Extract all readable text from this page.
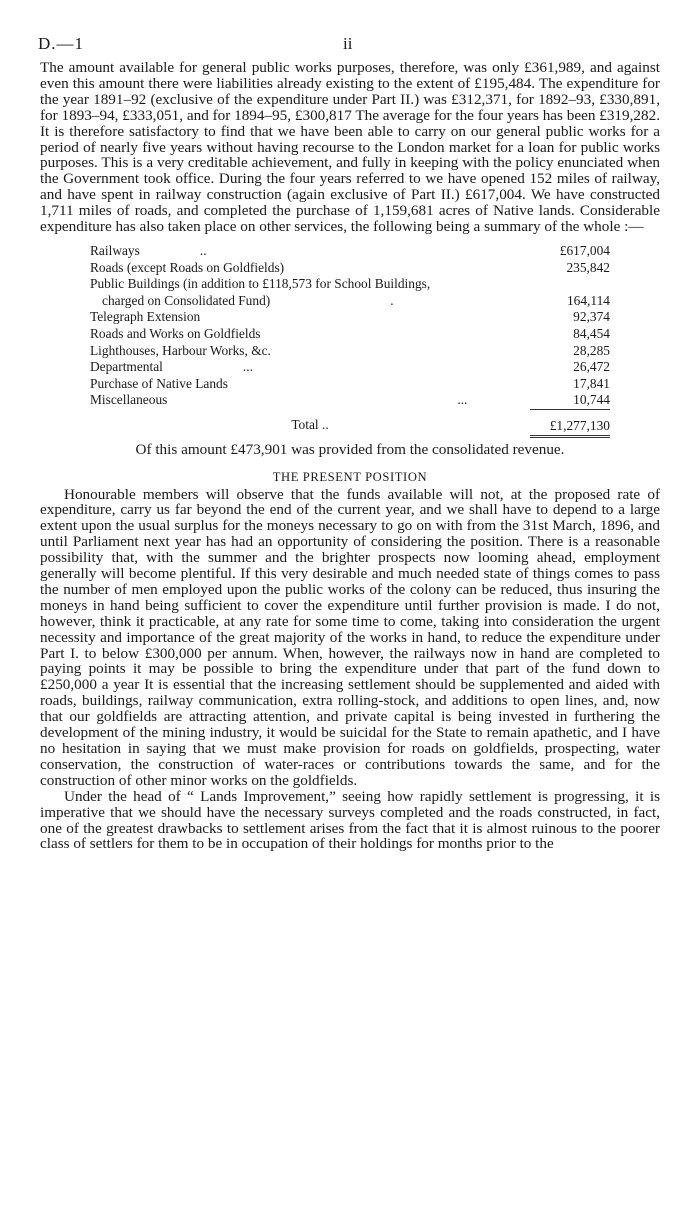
D.—1	ii

The amount available for general public works purposes, therefore, was only £361,989, and against even this amount there were liabilities already existing to the extent of £195,484. The expenditure for the year 1891–92 (exclusive of the expenditure under Part II.) was £312,371, for 1892–93, £330,891, for 1893–94, £333,051, and for 1894–95, £300,817 The average for the four years has been £319,282. It is therefore satisfactory to find that we have been able to carry on our general public works for a period of nearly five years without having recourse to the London market for a loan for public works purposes. This is a very creditable achievement, and fully in keeping with the policy enunciated when the Government took office. During the four years referred to we have opened 152 miles of railway, and have spent in railway construction (again exclusive of Part II.) £617,004. We have constructed 1,711 miles of roads, and completed the purchase of 1,159,681 acres of Native lands. Considerable expenditure has also taken place on other services, the following being a summary of the whole :—

Railways ..	£617,004
Roads (except Roads on Goldfields)	235,842
Public Buildings (in addition to £118,573 for School Buildings,	
charged on Consolidated Fund) .	164,114
Telegraph Extension	92,374
Roads and Works on Goldfields	84,454
Lighthouses, Harbour Works, &c.	28,285
Departmental ...	26,472
Purchase of Native Lands	17,841
Miscellaneous ...	10,744
Total ..	£1,277,130

Of this amount £473,901 was provided from the consolidated revenue.

THE PRESENT POSITION

Honourable members will observe that the funds available will not, at the proposed rate of expenditure, carry us far beyond the end of the current year, and we shall have to depend to a large extent upon the usual surplus for the moneys necessary to go on with from the 31st March, 1896, and until Parliament next year has had an opportunity of considering the position. There is a reasonable possibility that, with the summer and the brighter prospects now looming ahead, employment generally will become plentiful. If this very desirable and much needed state of things comes to pass the number of men employed upon the public works of the colony can be reduced, thus insuring the moneys in hand being sufficient to cover the expenditure until further provision is made. I do not, however, think it practicable, at any rate for some time to come, taking into consideration the urgent necessity and importance of the great majority of the works in hand, to reduce the expenditure under Part I. to below £300,000 per annum. When, however, the railways now in hand are completed to paying points it may be possible to bring the expenditure under that part of the fund down to £250,000 a year It is essential that the increasing settlement should be supplemented and aided with roads, buildings, railway communication, extra rolling-stock, and additions to open lines, and, now that our goldfields are attracting attention, and private capital is being invested in furthering the development of the mining industry, it would be suicidal for the State to remain apathetic, and I have no hesitation in saying that we must make provision for roads on goldfields, prospecting, water conservation, the construction of water-races or contributions towards the same, and for the construction of other minor works on the goldfields.

Under the head of “ Lands Improvement,” seeing how rapidly settlement is progressing, it is imperative that we should have the necessary surveys completed and the roads constructed, in fact, one of the greatest drawbacks to settlement arises from the fact that it is almost ruinous to the poorer class of settlers for them to be in occupation of their holdings for months prior to the
